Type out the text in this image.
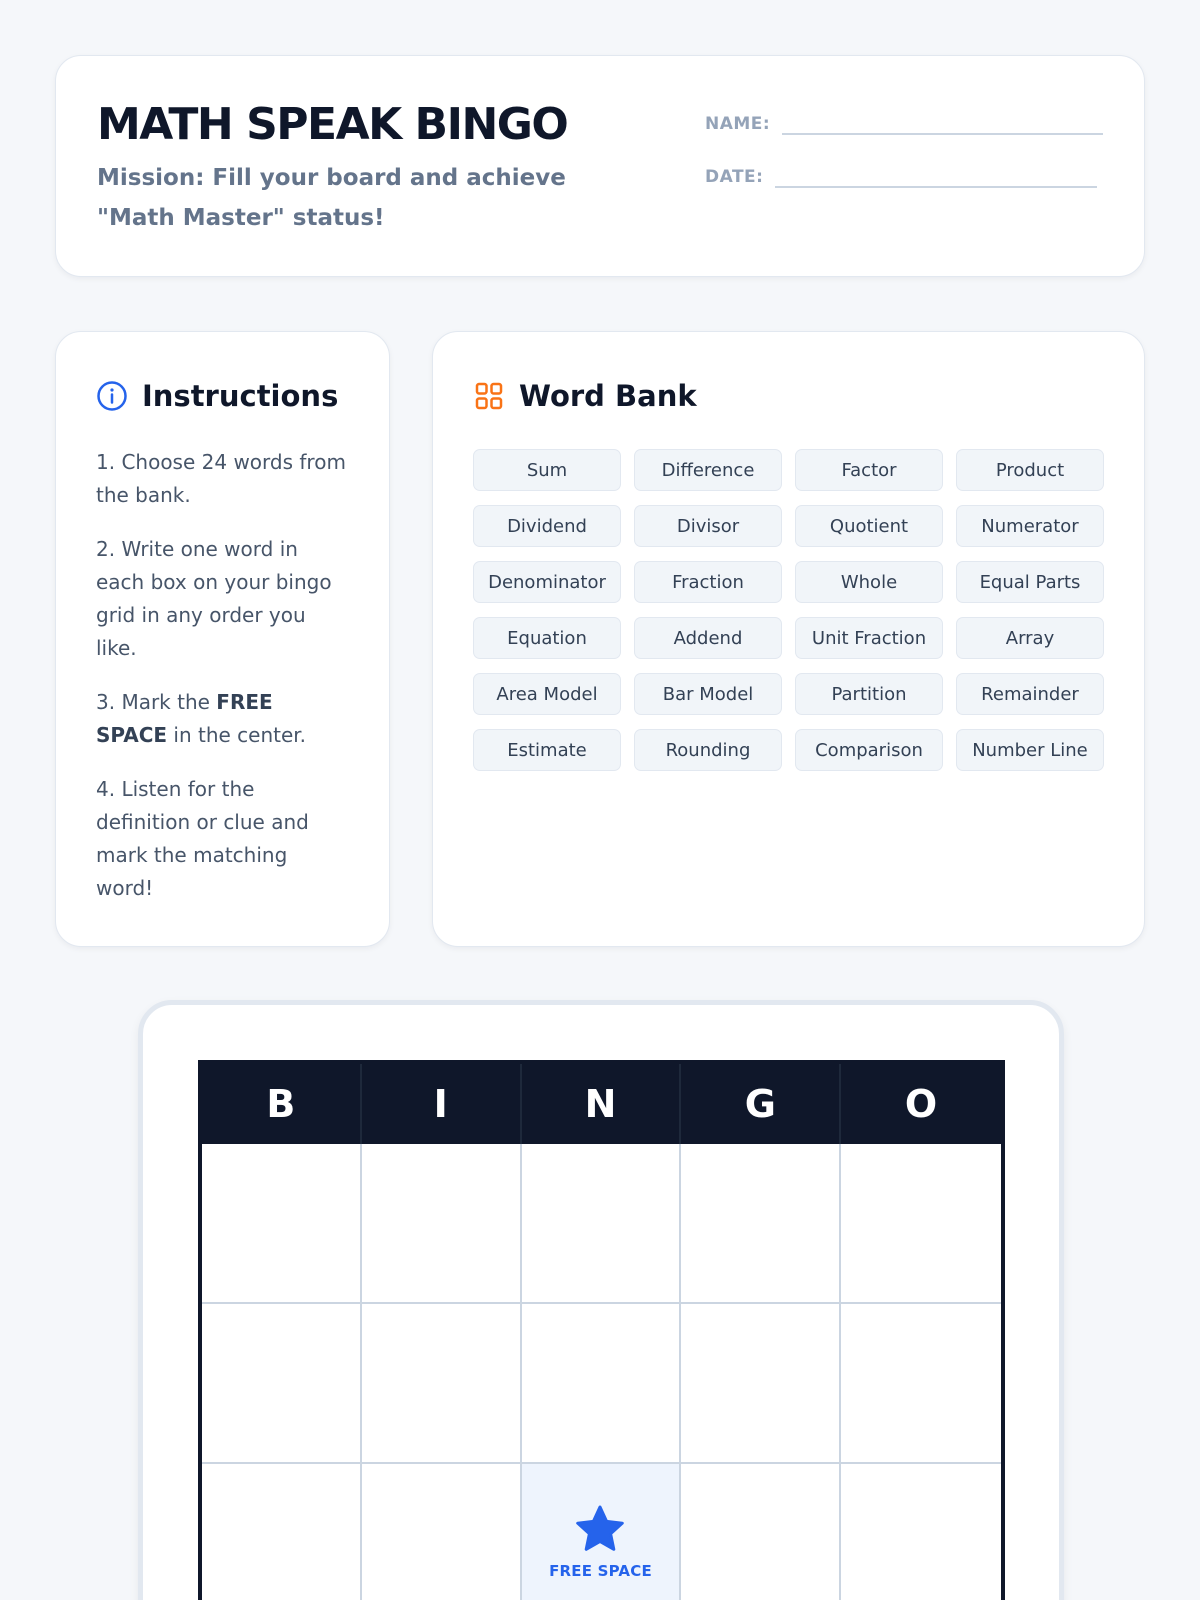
MATH SPEAK BINGO
Mission: Fill your board and achieve "Math Master" status!
NAME:
DATE:
Instructions
1. Choose 24 words from the bank.
2. Write one word in each box on your bingo grid in any order you like.
3. Mark the FREE SPACE in the center.
4. Listen for the definition or clue and mark the matching word!
Word Bank
Sum	Difference	Factor	Product
Dividend	Divisor	Quotient	Numerator
Denominator	Fraction	Whole	Equal Parts
Equation	Addend	Unit Fraction	Array
Area Model	Bar Model	Partition	Remainder
Estimate	Rounding	Comparison	Number Line
B	I	N	G	O
FREE SPACE
